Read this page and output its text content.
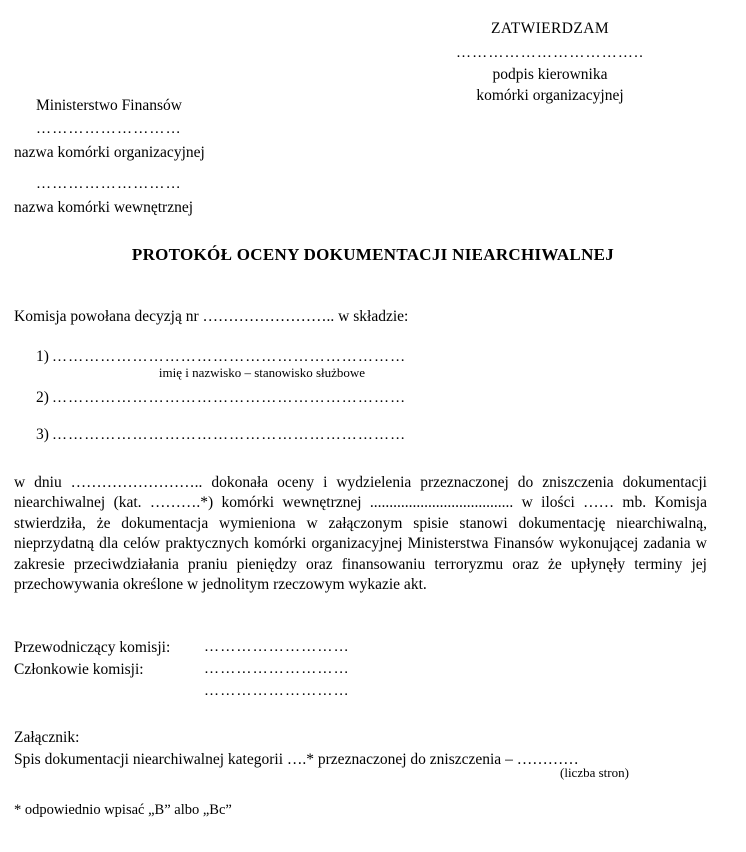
ZATWIERDZAM
……………………………..
podpis kierownika
komórki organizacyjnej
Ministerstwo Finansów
………………………
nazwa komórki organizacyjnej
………………………
nazwa komórki wewnętrznej
PROTOKÓŁ OCENY DOKUMENTACJI NIEARCHIWALNEJ
Komisja powołana decyzją nr …………………….. w składzie:
1) …………………………………………………………
imię i nazwisko – stanowisko służbowe
2) …………………………………………………………
3) …………………………………………………………
w dniu …………………….. dokonała oceny i wydzielenia przeznaczonej do zniszczenia dokumentacji niearchiwalnej (kat. ……….*) komórki wewnętrznej ..................................... w ilości …… mb. Komisja stwierdziła, że dokumentacja wymieniona w załączonym spisie stanowi dokumentację niearchiwalną, nieprzydatną dla celów praktycznych komórki organizacyjnej Ministerstwa Finansów wykonującej zadania w zakresie przeciwdziałania praniu pieniędzy oraz finansowaniu terroryzmu oraz że upłynęły terminy jej przechowywania określone w jednolitym rzeczowym wykazie akt.
Przewodniczący komisji:	………………………
Członkowie komisji:	………………………
………………………
Załącznik:
Spis dokumentacji niearchiwalnej kategorii ….* przeznaczonej do zniszczenia – …………
(liczba stron)
* odpowiednio wpisać „B” albo „Bc”
